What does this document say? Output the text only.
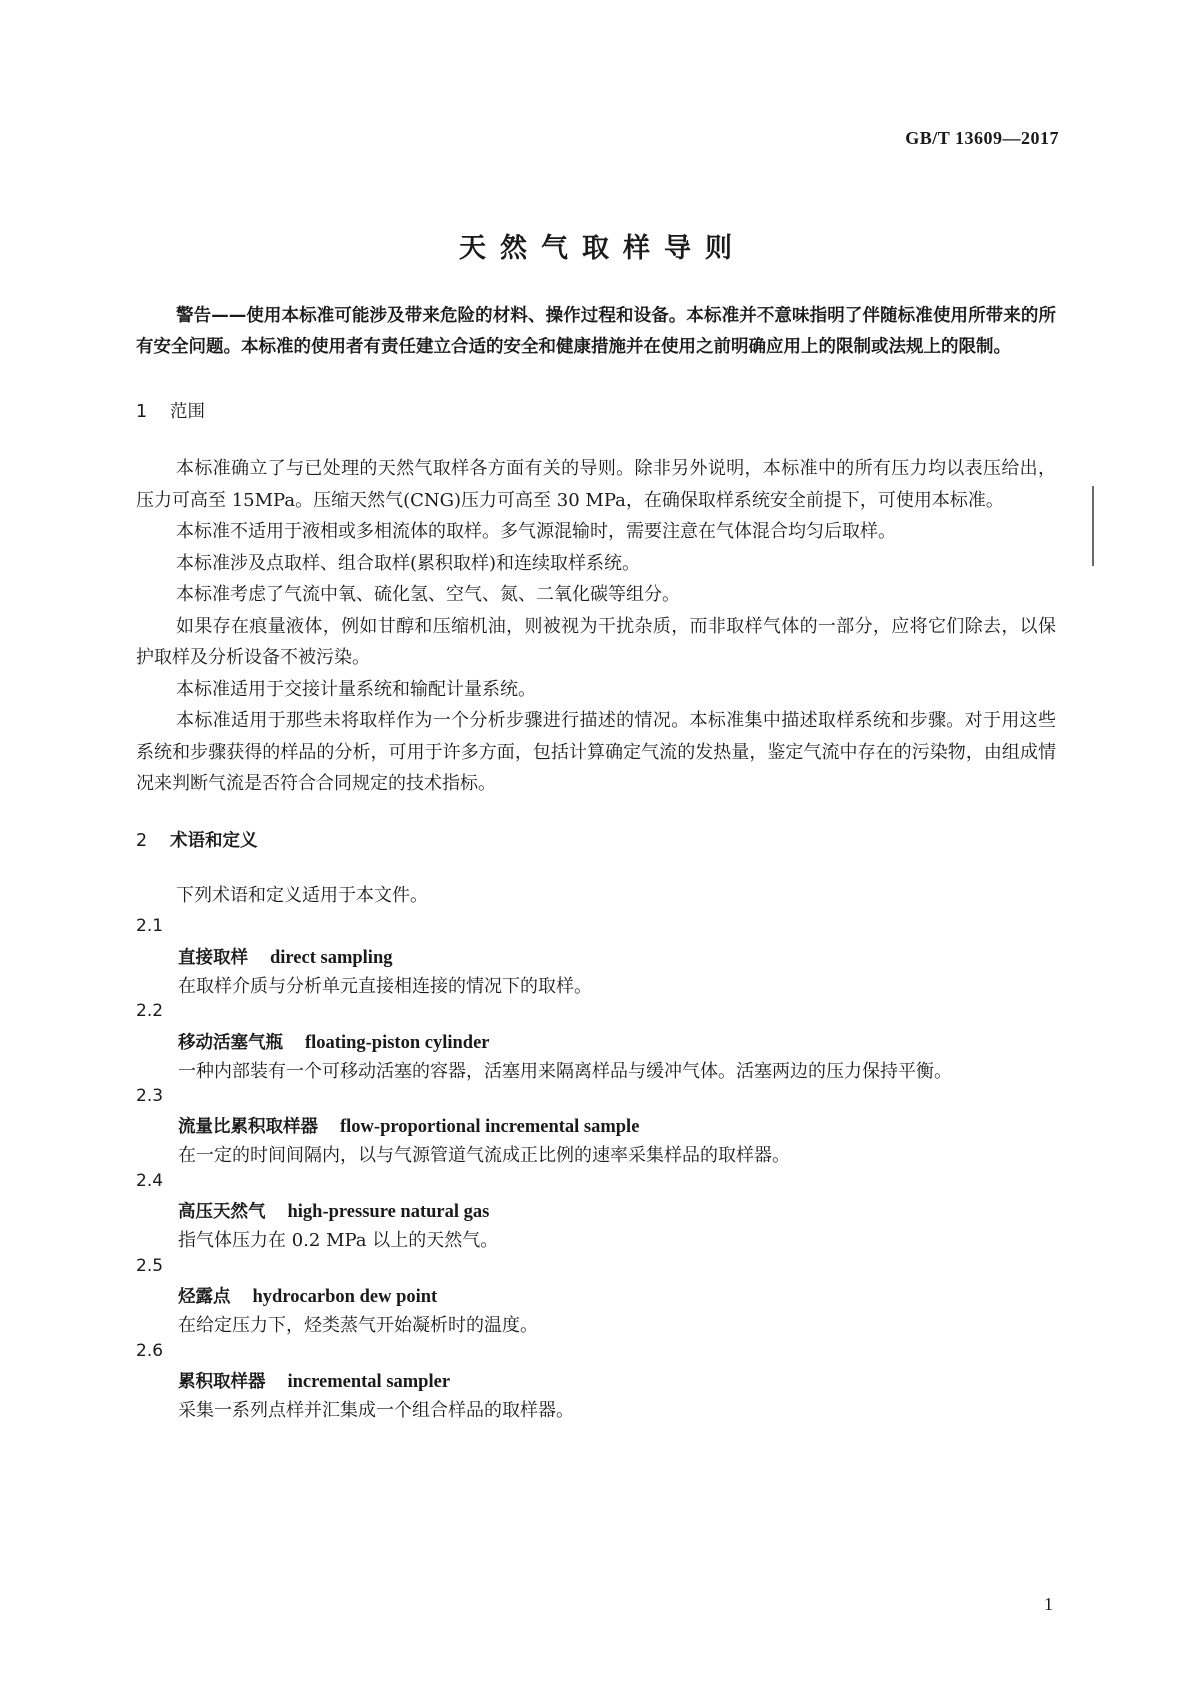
GB/T 13609—2017
天然气取样导则

警告——使用本标准可能涉及带来危险的材料、操作过程和设备。本标准并不意味指明了伴随标准使用所带来的所有安全问题。本标准的使用者有责任建立合适的安全和健康措施并在使用之前明确应用上的限制或法规上的限制。

1 范围

本标准确立了与已处理的天然气取样各方面有关的导则。除非另外说明，本标准中的所有压力均以表压给出，压力可高至 15MPa。压缩天然气(CNG)压力可高至 30 MPa，在确保取样系统安全前提下，可使用本标准。

本标准不适用于液相或多相流体的取样。多气源混输时，需要注意在气体混合均匀后取样。

本标准涉及点取样、组合取样(累积取样)和连续取样系统。

本标准考虑了气流中氧、硫化氢、空气、氮、二氧化碳等组分。

如果存在痕量液体，例如甘醇和压缩机油，则被视为干扰杂质，而非取样气体的一部分，应将它们除去，以保护取样及分析设备不被污染。

本标准适用于交接计量系统和输配计量系统。

本标准适用于那些未将取样作为一个分析步骤进行描述的情况。本标准集中描述取样系统和步骤。对于用这些系统和步骤获得的样品的分析，可用于许多方面，包括计算确定气流的发热量，鉴定气流中存在的污染物，由组成情况来判断气流是否符合合同规定的技术指标。

2 术语和定义

下列术语和定义适用于本文件。

2.1
直接取样 direct sampling
在取样介质与分析单元直接相连接的情况下的取样。
2.2
移动活塞气瓶 floating-piston cylinder
一种内部装有一个可移动活塞的容器，活塞用来隔离样品与缓冲气体。活塞两边的压力保持平衡。
2.3
流量比累积取样器 flow-proportional incremental sample
在一定的时间间隔内，以与气源管道气流成正比例的速率采集样品的取样器。
2.4
高压天然气 high-pressure natural gas
指气体压力在 0.2 MPa 以上的天然气。
2.5
烃露点 hydrocarbon dew point
在给定压力下，烃类蒸气开始凝析时的温度。
2.6
累积取样器 incremental sampler
采集一系列点样并汇集成一个组合样品的取样器。
1
